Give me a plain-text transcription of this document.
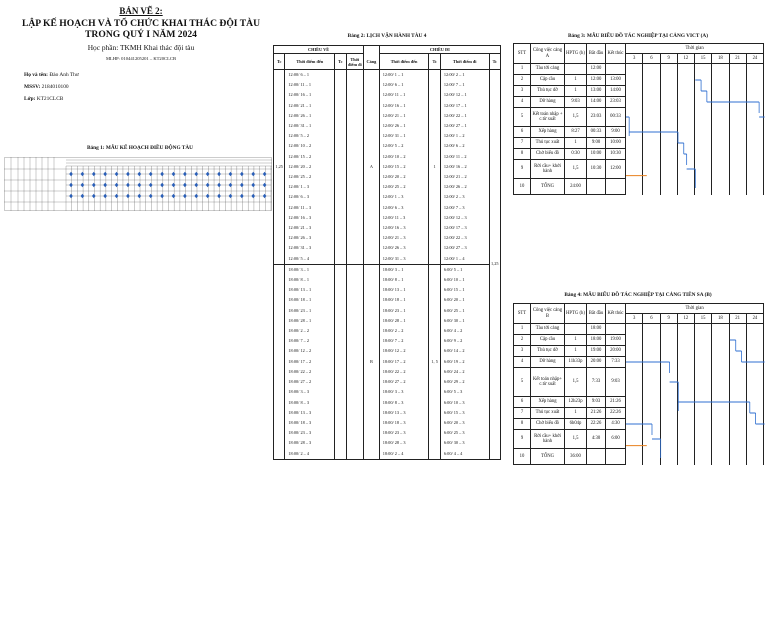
BẢN VẼ 2:
LẬP KẾ HOẠCH VÀ TỔ CHỨC KHAI THÁC ĐỘI TÀU TRONG QUÝ I NĂM 2024
Học phần: TKMH Khai thác đội tàu
MLHP: 010441205201 – KT20CLCB
Họ và tên: Đào Anh Thư
MSSV: 2184010100
Lớp: KT21CLCB
Bảng 1: MẪU KẾ HOẠCH ĐIỀU ĐỘNG TÀU
Bảng 2: LỊCH VẬN HÀNH TÀU 4
CHIỀU VỀ					CHIỀU ĐI			
Tc	Thời điểm đến	Tc	Thời điểm đi	Cảng	Thời điểm đến	Tc	Thời điểm đi	Tc
1,25	12:00/ 6 – 1			A	12:00/ 1 – 1	1	12:00/ 2 – 1	1,25
	12:00/ 11 – 1				12:00/ 6 – 1		12:00/ 7 – 1	
	12:00/ 16 – 1				12:00/ 11 – 1		12:00/ 12 – 1	
	12:00/ 21 – 1				12:00/ 16 – 1		12:00/ 17 – 1	
	12:00/ 26 – 1				12:00/ 21 – 1		12:00/ 22 – 1	
	12:00/ 31 – 1				12:00/ 26 – 1		12:00/ 27 – 1	
	12:00/ 5 – 2				12:00/ 31 – 1		12:00/ 1 – 2	
	12:00/ 10 – 2				12:00/ 5 – 2		12:00/ 6 – 2	
	12:00/ 15 – 2				12:00/ 10 – 2		12:00/ 11 – 2	
	12:00/ 20 – 2				12:00/ 15 – 2		12:00/ 16 – 2	
	12:00/ 25 – 2				12:00/ 20 – 2		12:00/ 21 – 2	
	12:00/ 1 – 3				12:00/ 25 – 2		12:00/ 26 – 2	
	12:00/ 6 – 3				12:00/ 1 – 3		12:00/ 2 – 3	
	12:00/ 11 – 3				12:00/ 6 – 3		12:00/ 7 – 3	
	12:00/ 16 – 3				12:00/ 11 – 3		12:00/ 12 – 3	
	12:00/ 21 – 3				12:00/ 16 – 3		12:00/ 17 – 3	
	12:00/ 26 – 3				12:00/ 21 – 3		12:00/ 22 – 3	
	12:00/ 31 – 3				12:00/ 26 – 3		12:00/ 27 – 3	
	12:00/ 5 – 4				12:00/ 31 – 3		12:00/ 1 – 4	
	18:00/ 3 – 1			B	18:00/ 3 – 1	1, 5	6:00/ 5 – 1	
	18:00/ 8 – 1				18:00/ 8 – 1		6:00/ 10 – 1	
	18:00/ 13 – 1				18:00/ 13 – 1		6:00/ 15 – 1	
	18:00/ 18 – 1				18:00/ 18 – 1		6:00/ 20 – 1	
	18:00/ 23 – 1				18:00/ 23 – 1		6:00/ 25 – 1	
	18:00/ 28 – 1				18:00/ 28 – 1		6:00/ 30 – 1	
	18:00/ 2 – 2				18:00/ 2 – 2		6:00/ 4 – 2	
	18:00/ 7 – 2				18:00/ 7 – 2		6:00/ 9 – 2	
	18:00/ 12 – 2				18:00/ 12 – 2		6:00/ 14 – 2	
	18:00/ 17 – 2				18:00/ 17 – 2		6:00/ 19 – 2	
	18:00/ 22 – 2				18:00/ 22 – 2		6:00/ 24 – 2	
	18:00/ 27 – 2				18:00/ 27 – 2		6:00/ 29 – 2	
	18:00/ 3 – 3				18:00/ 3 – 3		6:00/ 5 – 3	
	18:00/ 8 – 3				18:00/ 8 – 3		6:00/ 10 – 3	
	18:00/ 13 – 3				18:00/ 13 – 3		6:00/ 15 – 3	
	18:00/ 18 – 3				18:00/ 18 – 3		6:00/ 20 – 3	
	18:00/ 23 – 3				18:00/ 23 – 3		6:00/ 25 – 3	
	18:00/ 28 – 3				18:00/ 28 – 3		6:00/ 30 – 3	
	18:00/ 2 – 4				18:00/ 2 – 4		6:00/ 4 – 4	
Bảng 3: MẪU BIỂU ĐỒ TÁC NGHIỆP TẠI CẢNG VICT (A)
STT	Công việc cảng A	HPTG (h)	Bắt đầu	Kết thúc	Thời gian							
					3	6	9	12	15	18	21	24
1	Tàu tới cảng		12:00									
2	Cập cầu	1	12:00	13:00								
3	Thủ tục dỡ	1	13:00	14:00								
4	Dỡ hàng	9:03	14:00	23:03								
5	Kết toán nhập + c.từ xuất	1,5	23:03	00:33								
6	Xếp hàng	8:27	00:33	9:00								
7	Thủ tục xuất	1	9:00	10:00								
8	Chờ biểu đồ	0:30	10:00	10:30								
9	Rời cầu+ khởi hành	1,5	10:30	12:00								
10	TỔNG	24:00										
Bảng 4: MẪU BIỂU ĐỒ TÁC NGHIỆP TẠI CẢNG TIÊN SA (B)
STT	Công việc cảng B	HPTG (h)	Bắt đầu	Kết thúc	Thời gian							
					3	6	9	12	15	18	21	24
1	Tàu tới cảng		18:00									
2	Cập cầu	1	18:00	19:00								
3	Thủ tục dỡ	1	19:00	20:00								
4	Dỡ hàng	11h33p	20:00	7:33								
5	Kết toán nhập+ c.từ xuất	1,5	7:33	9:03								
6	Xếp hàng	12h23p	9:03	21:26								
7	Thủ tục xuất	1	21:26	22:26								
8	Chờ biểu đồ	6h04p	22:26	4:30								
9	Rời cầu+ khởi hành	1,5	4:30	6:00								
10	TỔNG	36:00										
